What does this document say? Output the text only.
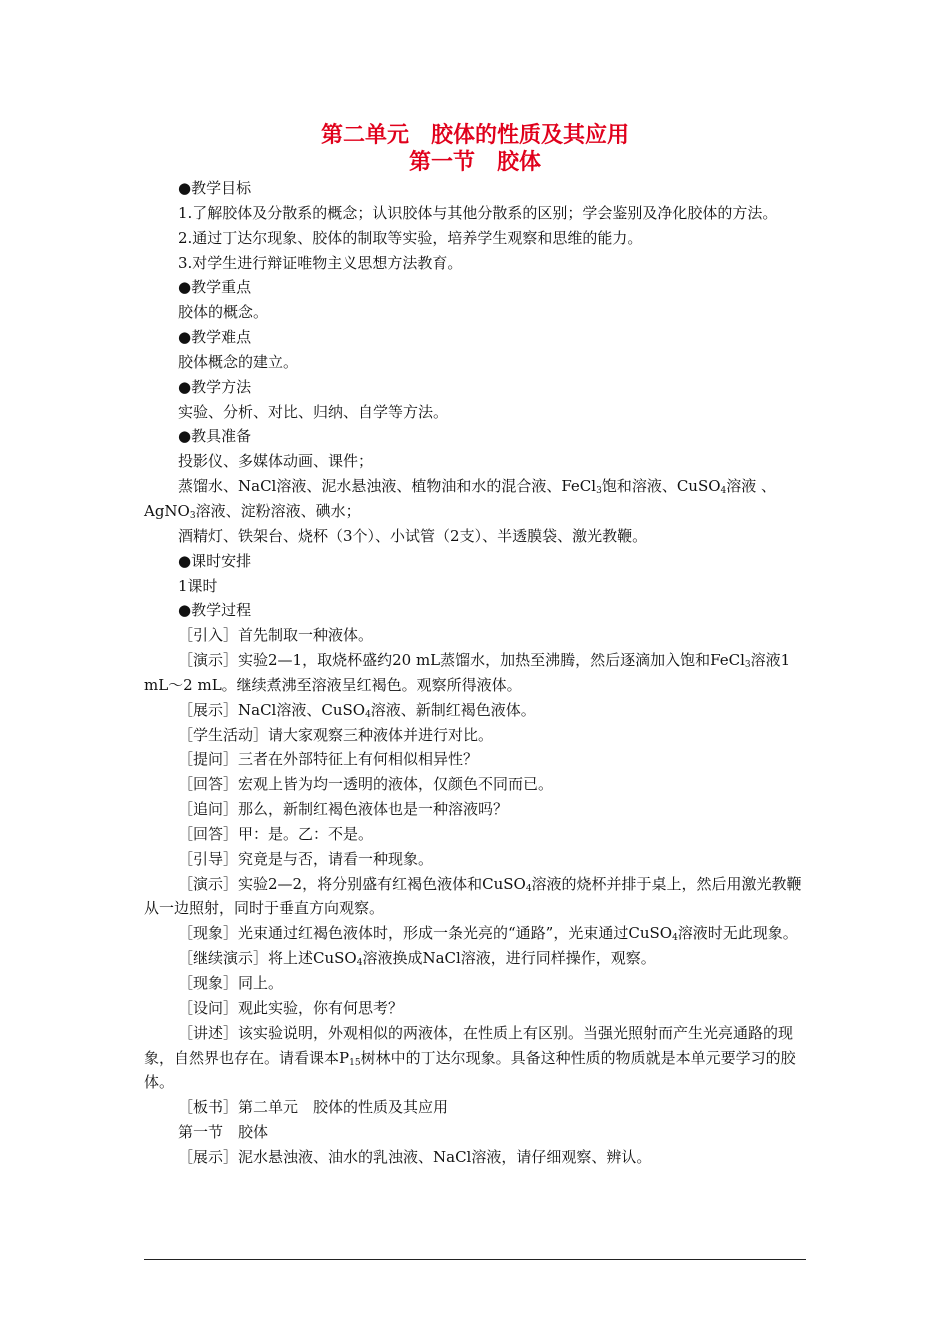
第二单元　胶体的性质及其应用
第一节　胶体

●教学目标

1.了解胶体及分散系的概念；认识胶体与其他分散系的区别；学会鉴别及净化胶体的方法。

2.通过丁达尔现象、胶体的制取等实验，培养学生观察和思维的能力。

3.对学生进行辩证唯物主义思想方法教育。

●教学重点

胶体的概念。

●教学难点

胶体概念的建立。

●教学方法

实验、分析、对比、归纳、自学等方法。

●教具准备

投影仪、多媒体动画、课件；

蒸馏水、NaCl溶液、泥水悬浊液、植物油和水的混合液、FeCl$_3$饱和溶液、CuSO$_4$溶液 、AgNO$_3$溶液、淀粉溶液、碘水；

酒精灯、铁架台、烧杯（3个）、小试管（2支）、半透膜袋、激光教鞭。

●课时安排

1课时

●教学过程

［引入］首先制取一种液体。

［演示］实验2—1，取烧杯盛约20 mL蒸馏水，加热至沸腾，然后逐滴加入饱和FeCl$_3$溶液1 mL～2 mL。继续煮沸至溶液呈红褐色。观察所得液体。

［展示］NaCl溶液、CuSO$_4$溶液、新制红褐色液体。

［学生活动］请大家观察三种液体并进行对比。

［提问］三者在外部特征上有何相似相异性？

［回答］宏观上皆为均一透明的液体，仅颜色不同而已。

［追问］那么，新制红褐色液体也是一种溶液吗？

［回答］甲：是。乙：不是。

［引导］究竟是与否，请看一种现象。

［演示］实验2—2，将分别盛有红褐色液体和CuSO$_4$溶液的烧杯并排于桌上，然后用激光教鞭从一边照射，同时于垂直方向观察。

［现象］光束通过红褐色液体时，形成一条光亮的“通路”，光束通过CuSO$_4$溶液时无此现象。

［继续演示］将上述CuSO$_4$溶液换成NaCl溶液，进行同样操作，观察。

［现象］同上。

［设问］观此实验，你有何思考？

［讲述］该实验说明，外观相似的两液体，在性质上有区别。当强光照射而产生光亮通路的现象，自然界也存在。请看课本$P_{15}$树林中的丁达尔现象。具备这种性质的物质就是本单元要学习的胶体。

［板书］第二单元　胶体的性质及其应用

第一节　胶体

［展示］泥水悬浊液、油水的乳浊液、NaCl溶液，请仔细观察、辨认。
